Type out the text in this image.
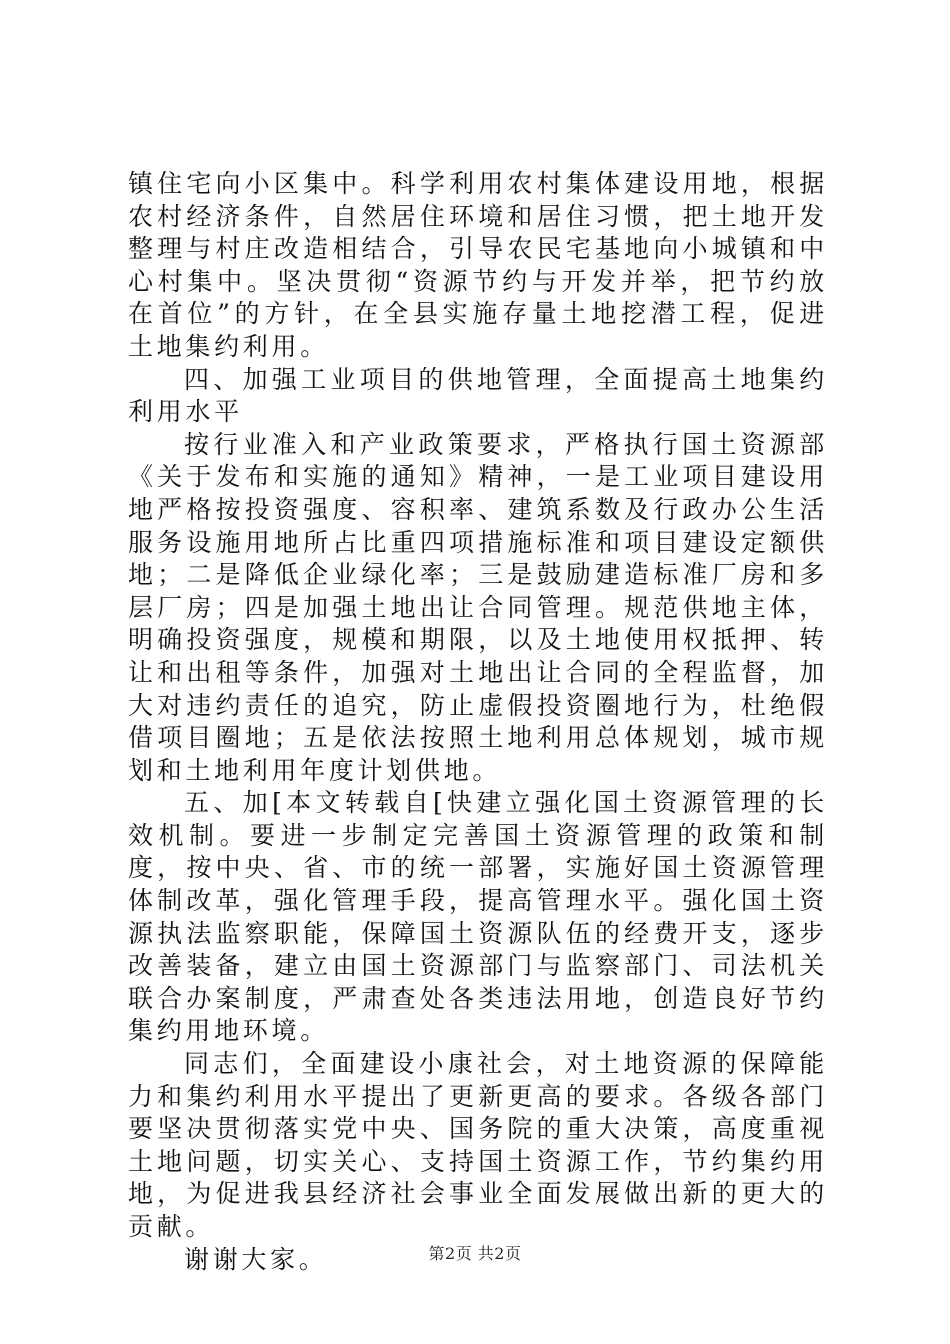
镇住宅向小区集中。科学利用农村集体建设用地，根据农村经济条件，自然居住环境和居住习惯，把土地开发整理与村庄改造相结合，引导农民宅基地向小城镇和中心村集中。坚决贯彻“资源节约与开发并举，把节约放在首位”的方针，在全县实施存量土地挖潜工程，促进土地集约利用。

四、加强工业项目的供地管理，全面提高土地集约利用水平

按行业准入和产业政策要求，严格执行国土资源部《关于发布和实施的通知》精神，一是工业项目建设用地严格按投资强度、容积率、建筑系数及行政办公生活服务设施用地所占比重四项措施标准和项目建设定额供地；二是降低企业绿化率；三是鼓励建造标准厂房和多层厂房；四是加强土地出让合同管理。规范供地主体，明确投资强度，规模和期限，以及土地使用权抵押、转让和出租等条件，加强对土地出让合同的全程监督，加大对违约责任的追究，防止虚假投资圈地行为，杜绝假借项目圈地；五是依法按照土地利用总体规划，城市规划和土地利用年度计划供地。

五、加[本文转载自[快建立强化国土资源管理的长效机制。要进一步制定完善国土资源管理的政策和制度，按中央、省、市的统一部署，实施好国土资源管理体制改革，强化管理手段，提高管理水平。强化国土资源执法监察职能，保障国土资源队伍的经费开支，逐步改善装备，建立由国土资源部门与监察部门、司法机关联合办案制度，严肃查处各类违法用地，创造良好节约集约用地环境。

同志们，全面建设小康社会，对土地资源的保障能力和集约利用水平提出了更新更高的要求。各级各部门要坚决贯彻落实党中央、国务院的重大决策，高度重视土地问题，切实关心、支持国土资源工作，节约集约用地，为促进我县经济社会事业全面发展做出新的更大的贡献。

谢谢大家。	第2页 共2页
